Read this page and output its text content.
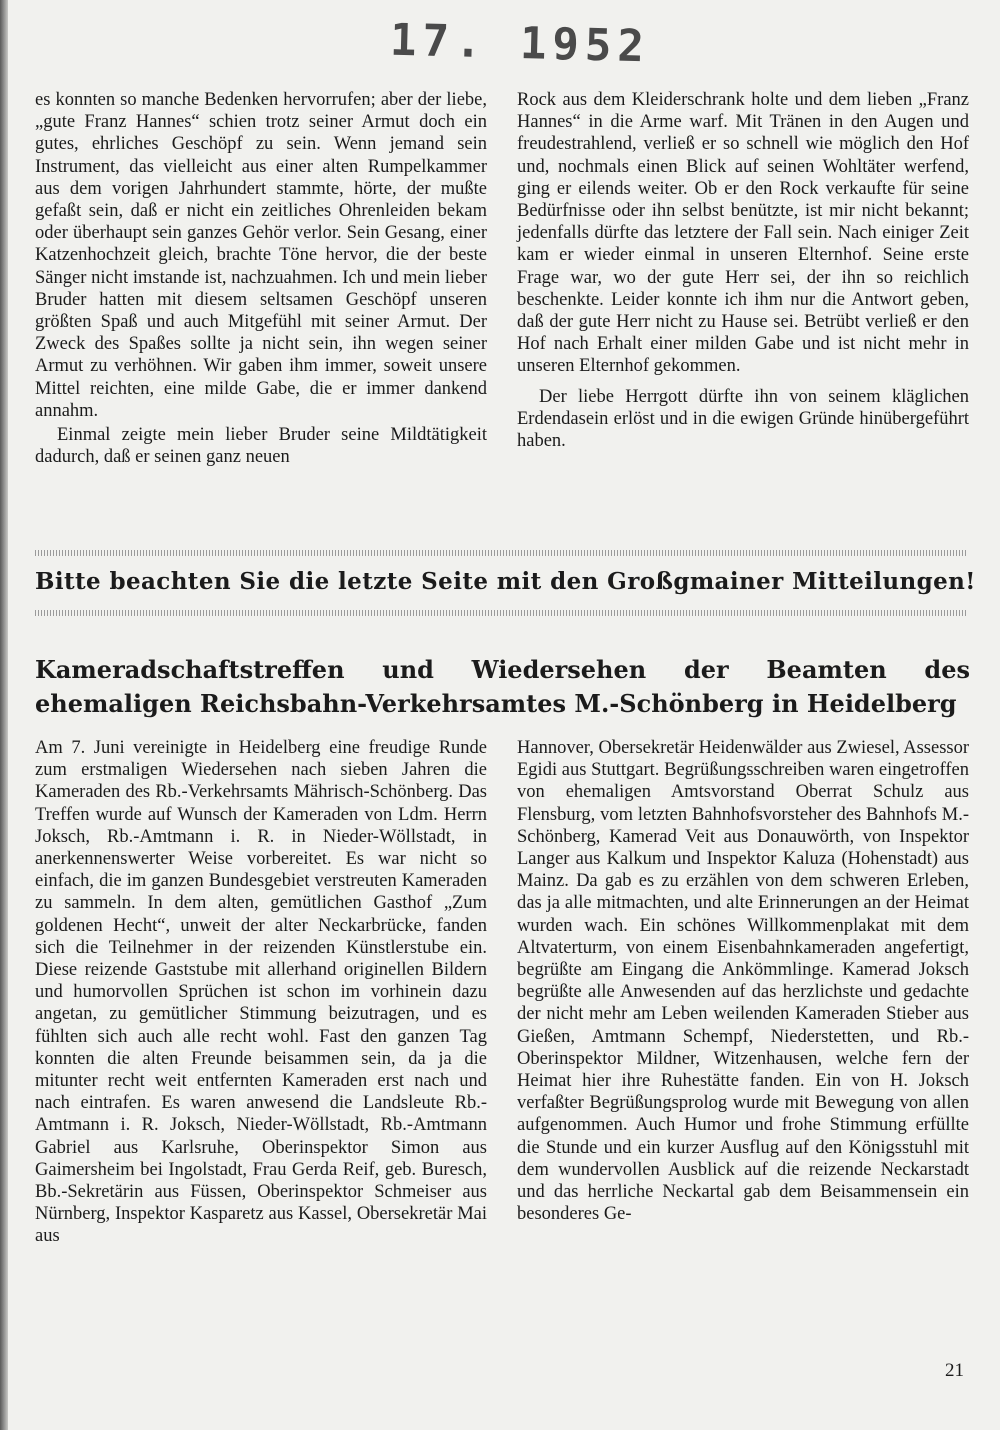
17. 1952

es konnten so manche Bedenken hervorrufen; aber der liebe, „gute Franz Hannes“ schien trotz seiner Armut doch ein gutes, ehrliches Geschöpf zu sein. Wenn jemand sein Instrument, das vielleicht aus einer alten Rumpelkammer aus dem vorigen Jahrhundert stammte, hörte, der mußte gefaßt sein, daß er nicht ein zeitliches Ohrenleiden bekam oder überhaupt sein ganzes Gehör verlor. Sein Gesang, einer Katzenhochzeit gleich, brachte Töne hervor, die der beste Sänger nicht imstande ist, nachzuahmen. Ich und mein lieber Bruder hatten mit diesem seltsamen Geschöpf unseren größten Spaß und auch Mitgefühl mit seiner Armut. Der Zweck des Spaßes sollte ja nicht sein, ihn wegen seiner Armut zu verhöhnen. Wir gaben ihm immer, soweit unsere Mittel reichten, eine milde Gabe, die er immer dankend annahm.

Einmal zeigte mein lieber Bruder seine Mildtätigkeit dadurch, daß er seinen ganz neuen

Rock aus dem Kleiderschrank holte und dem lieben „Franz Hannes“ in die Arme warf. Mit Tränen in den Augen und freudestrahlend, verließ er so schnell wie möglich den Hof und, nochmals einen Blick auf seinen Wohltäter werfend, ging er eilends weiter. Ob er den Rock verkaufte für seine Bedürfnisse oder ihn selbst benützte, ist mir nicht bekannt; jedenfalls dürfte das letztere der Fall sein. Nach einiger Zeit kam er wieder einmal in unseren Elternhof. Seine erste Frage war, wo der gute Herr sei, der ihn so reichlich beschenkte. Leider konnte ich ihm nur die Antwort geben, daß der gute Herr nicht zu Hause sei. Betrübt verließ er den Hof nach Erhalt einer milden Gabe und ist nicht mehr in unseren Elternhof gekommen.

Der liebe Herrgott dürfte ihn von seinem kläglichen Erdendasein erlöst und in die ewigen Gründe hinübergeführt haben.

Bitte beachten Sie die letzte Seite mit den Großgmainer Mitteilungen!
Kameradschaftstreffen und Wiedersehen der Beamten des ehemaligen Reichsbahn-Verkehrsamtes M.-Schönberg in Heidelberg

Am 7. Juni vereinigte in Heidelberg eine freudige Runde zum erstmaligen Wiedersehen nach sieben Jahren die Kameraden des Rb.-Verkehrsamts Mährisch-Schönberg. Das Treffen wurde auf Wunsch der Kameraden von Ldm. Herrn Joksch, Rb.-Amtmann i. R. in Nieder-Wöllstadt, in anerkennenswerter Weise vorbereitet. Es war nicht so einfach, die im ganzen Bundesgebiet verstreuten Kameraden zu sammeln. In dem alten, gemütlichen Gasthof „Zum goldenen Hecht“, unweit der alter Neckarbrücke, fanden sich die Teilnehmer in der reizenden Künstlerstube ein. Diese reizende Gaststube mit allerhand originellen Bildern und humorvollen Sprüchen ist schon im vorhinein dazu angetan, zu gemütlicher Stimmung beizutragen, und es fühlten sich auch alle recht wohl. Fast den ganzen Tag konnten die alten Freunde beisammen sein, da ja die mitunter recht weit entfernten Kameraden erst nach und nach eintrafen. Es waren anwesend die Landsleute Rb.-Amtmann i. R. Joksch, Nieder-Wöllstadt, Rb.-Amtmann Gabriel aus Karlsruhe, Oberinspektor Simon aus Gaimersheim bei Ingolstadt, Frau Gerda Reif, geb. Buresch, Bb.-Sekretärin aus Füssen, Oberinspektor Schmeiser aus Nürnberg, Inspektor Kasparetz aus Kassel, Obersekretär Mai aus

Hannover, Obersekretär Heidenwälder aus Zwiesel, Assessor Egidi aus Stuttgart. Begrüßungsschreiben waren eingetroffen von ehemaligen Amtsvorstand Oberrat Schulz aus Flensburg, vom letzten Bahnhofsvorsteher des Bahnhofs M.-Schönberg, Kamerad Veit aus Donauwörth, von Inspektor Langer aus Kalkum und Inspektor Kaluza (Hohenstadt) aus Mainz. Da gab es zu erzählen von dem schweren Erleben, das ja alle mitmachten, und alte Erinnerungen an der Heimat wurden wach. Ein schönes Willkommenplakat mit dem Altvaterturm, von einem Eisenbahnkameraden angefertigt, begrüßte am Eingang die Ankömmlinge. Kamerad Joksch begrüßte alle Anwesenden auf das herzlichste und gedachte der nicht mehr am Leben weilenden Kameraden Stieber aus Gießen, Amtmann Schempf, Niederstetten, und Rb.-Oberinspektor Mildner, Witzenhausen, welche fern der Heimat hier ihre Ruhestätte fanden. Ein von H. Joksch verfaßter Begrüßungsprolog wurde mit Bewegung von allen aufgenommen. Auch Humor und frohe Stimmung erfüllte die Stunde und ein kurzer Ausflug auf den Königsstuhl mit dem wundervollen Ausblick auf die reizende Neckarstadt und das herrliche Neckartal gab dem Beisammensein ein besonderes Ge-

21
